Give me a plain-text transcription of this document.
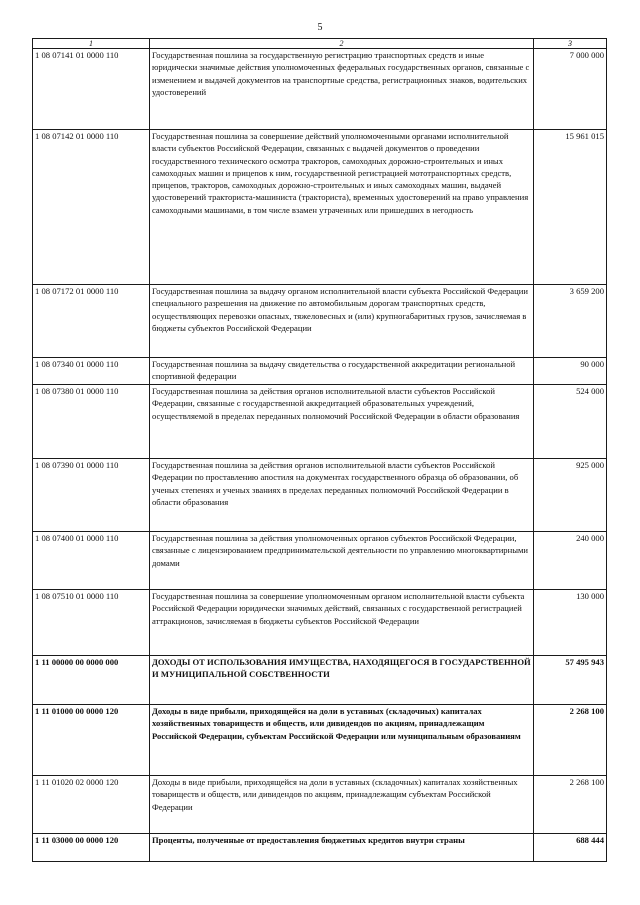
5
1	2	3
1 08 07141 01 0000 110	Государственная пошлина за государственную регистрацию транспортных средств и иные юридически значимые действия уполномоченных федеральных государственных органов, связанные с изменением и выдачей документов на транспортные средства, регистрационных знаков, водительских удостоверений	7 000 000
1 08 07142 01 0000 110	Государственная пошлина за совершение действий уполномоченными органами исполнительной власти субъектов Российской Федерации, связанных с выдачей документов о проведении государственного технического осмотра тракторов, самоходных дорожно-строительных и иных самоходных машин и прицепов к ним, государственной регистрацией мототранспортных средств, прицепов, тракторов, самоходных дорожно-строительных и иных самоходных машин, выдачей удостоверений тракториста-машиниста (тракториста), временных удостоверений на право управления самоходными машинами, в том числе взамен утраченных или пришедших в негодность	15 961 015
1 08 07172 01 0000 110	Государственная пошлина за выдачу органом исполнительной власти субъекта Российской Федерации специального разрешения на движение по автомобильным дорогам транспортных средств, осуществляющих перевозки опасных, тяжеловесных и (или) крупногабаритных грузов, зачисляемая в бюджеты субъектов Российской Федерации	3 659 200
1 08 07340 01 0000 110	Государственная пошлина за выдачу свидетельства о государственной аккредитации региональной спортивной федерации	90 000
1 08 07380 01 0000 110	Государственная пошлина за действия органов исполнительной власти субъектов Российской Федерации, связанные с государственной аккредитацией образовательных учреждений, осуществляемой в пределах переданных полномочий Российской Федерации в области образования	524 000
1 08 07390 01 0000 110	Государственная пошлина за действия органов исполнительной власти субъектов Российской Федерации по проставлению апостиля на документах государственного образца об образовании, об ученых степенях и ученых званиях в пределах переданных полномочий Российской Федерации в области образования	925 000
1 08 07400 01 0000 110	Государственная пошлина за действия уполномоченных органов субъектов Российской Федерации, связанные с лицензированием предпринимательской деятельности по управлению многоквартирными домами	240 000
1 08 07510 01 0000 110	Государственная пошлина за совершение уполномоченным органом исполнительной власти субъекта Российской Федерации юридически значимых действий, связанных с государственной регистрацией аттракционов, зачисляемая в бюджеты субъектов Российской Федерации	130 000
1 11 00000 00 0000 000	ДОХОДЫ ОТ ИСПОЛЬЗОВАНИЯ ИМУЩЕСТВА, НАХОДЯЩЕГОСЯ В ГОСУДАРСТВЕННОЙ И МУНИЦИПАЛЬНОЙ СОБСТВЕННОСТИ	57 495 943
1 11 01000 00 0000 120	Доходы в виде прибыли, приходящейся на доли в уставных (складочных) капиталах хозяйственных товариществ и обществ, или дивидендов по акциям, принадлежащим Российской Федерации, субъектам Российской Федерации или муниципальным образованиям	2 268 100
1 11 01020 02 0000 120	Доходы в виде прибыли, приходящейся на доли в уставных (складочных) капиталах хозяйственных товариществ и обществ, или дивидендов по акциям, принадлежащим субъектам Российской Федерации	2 268 100
1 11 03000 00 0000 120	Проценты, полученные от предоставления бюджетных кредитов внутри страны	688 444
